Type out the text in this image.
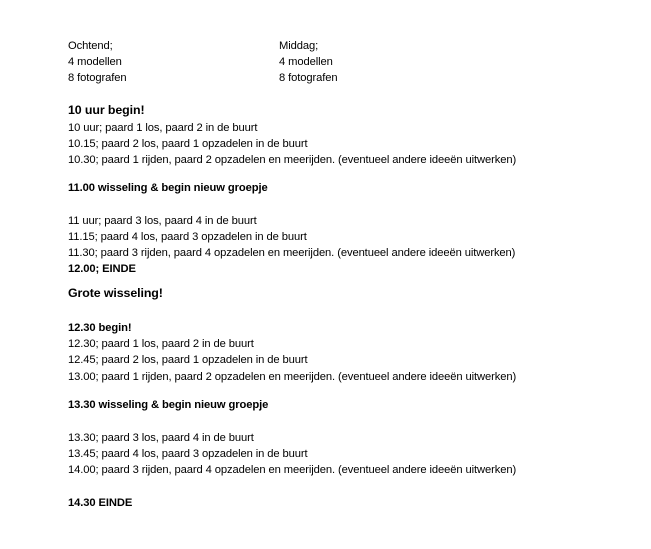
Ochtend;
4 modellen
8 fotografen
Middag;
4 modellen
8 fotografen
10 uur begin!
10 uur; paard 1 los, paard 2 in de buurt
10.15; paard 2 los, paard 1 opzadelen in de buurt
10.30; paard 1 rijden, paard 2 opzadelen en meerijden. (eventueel andere ideeën uitwerken)
11.00 wisseling & begin nieuw groepje
11 uur; paard 3 los, paard 4 in de buurt
11.15; paard 4 los, paard 3 opzadelen in de buurt
11.30; paard 3 rijden, paard 4 opzadelen en meerijden. (eventueel andere ideeën uitwerken)
12.00; EINDE
Grote wisseling!
12.30 begin!
12.30; paard 1 los, paard 2 in de buurt
12.45; paard 2 los, paard 1 opzadelen in de buurt
13.00; paard 1 rijden, paard 2 opzadelen en meerijden. (eventueel andere ideeën uitwerken)
13.30 wisseling & begin nieuw groepje
13.30; paard 3 los, paard 4 in de buurt
13.45; paard 4 los, paard 3 opzadelen in de buurt
14.00; paard 3 rijden, paard 4 opzadelen en meerijden. (eventueel andere ideeën uitwerken)
14.30 EINDE
